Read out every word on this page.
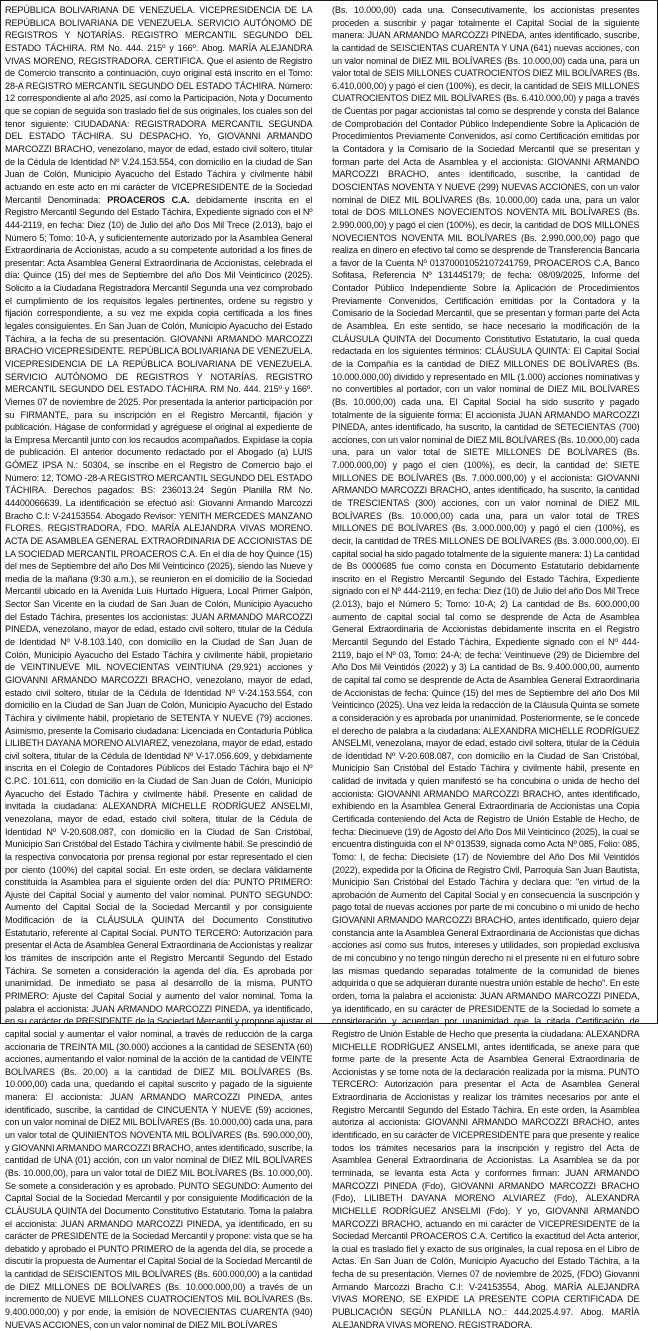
REPÚBLICA BOLIVARIANA DE VENEZUELA. VICEPRESIDENCIA DE LA REPÚBLICA BOLIVARIANA DE VENEZUELA. SERVICIO AUTÓNOMO DE REGISTROS Y NOTARÍAS. REGISTRO MERCANTIL SEGUNDO DEL ESTADO TÁCHIRA. RM No. 444. 215º y 166º. Abog. MARÍA ALEJANDRA VIVAS MORENO, REGISTRADORA. CERTIFICA. Que el asiento de Registro de Comercio transcrito a continuación, cuyo original está inscrito en el Tomo: 28-A REGISTRO MERCANTIL SEGUNDO DEL ESTADO TÁCHIRA. Número: 12 correspondiente al año 2025, así como la Participación, Nota y Documento que se copian de seguida son traslado fiel de sus originales, los cuales son del tenor siguiente: CIUDADANA: REGISTRADORA MERCANTIL SEGUNDA DEL ESTADO TÁCHIRA. SU DESPACHO. Yo, GIOVANNI ARMANDO MARCOZZI BRACHO, venezolano, mayor de edad, estado civil soltero, titular de la Cédula de Identidad Nº V.24.153.554, con domicilio en la ciudad de San Juan de Colón, Municipio Ayacucho del Estado Táchira y civilmente hábil actuando en este acto en mi carácter de VICEPRESIDENTE de la Sociedad Mercantil Denominada: PROACEROS C.A. debidamente inscrita en el Registro Mercantil Segundo del Estado Táchira, Expediente signado con el Nº 444-2119, en fecha: Diez (10) de Julio del año Dos Mil Trece (2.013), bajo el Número 5; Tomo: 10-A, y suficientemente autorizado por la Asamblea General Extraordinaria de Accionistas, acudo a su competente autoridad a los fines de presentar: Acta Asamblea General Extraordinaria de Accionistas, celebrada el día: Quince (15) del mes de Septiembre del año Dos Mil Veinticinco (2025). Solicito a la Ciudadana Registradora Mercantil Segunda una vez comprobado el cumplimiento de los requisitos legales pertinentes, ordene su registro y fijación correspondiente, a su vez me expida copia certificada a los fines legales consiguientes. En San Juan de Colón, Municipio Ayacucho del Estado Táchira, a la fecha de su presentación. GIOVANNI ARMANDO MARCOZZI BRACHO VICEPRESIDENTE. REPÚBLICA BOLIVARIANA DE VENEZUELA. VICEPRESIDENCIA DE LA REPÚBLICA BOLIVARIANA DE VENEZUELA. SERVICIO AUTÓNOMO DE REGISTROS Y NOTARÍAS. REGISTRO MERCANTIL SEGUNDO DEL ESTADO TÁCHIRA. RM No. 444. 215º y 166º. Viernes 07 de noviembre de 2025. Por presentada la anterior participación por su FIRMANTE, para su inscripción en el Registro Mercantil, fijación y publicación. Hágase de conformidad y agréguese el original al expediente de la Empresa Mercantil junto con los recaudos acompañados. Expídase la copia de publicación. El anterior documento redactado por el Abogado (a) LUIS GÓMEZ IPSA N.: 50304, se inscribe en el Registro de Comercio bajo el Número: 12, TOMO -28-A REGISTRO MERCANTIL SEGUNDO DEL ESTADO TÁCHIRA. Derechos pagados: BS: 236013.24 Según Planilla RM No. 44400066639. La identificación se efectuó así: Giovanni Armando Marcozzi Bracho C.I: V-24153554. Abogado Revisor: YENITH MERCEDES MANZANO FLORES. REGISTRADORA, FDO. MARÍA ALEJANDRA VIVAS MORENO. ACTA DE ASAMBLEA GENERAL EXTRAORDINARIA DE ACCIONISTAS DE LA SOCIEDAD MERCANTIL PROACEROS C.A. En el día de hoy Quince (15) del mes de Septiembre del año Dos Mil Veinticinco (2025), siendo las Nueve y media de la mañana (9:30 a.m.), se reunieron en el domicilio de la Sociedad Mercantil ubicado en la Avenida Luis Hurtado Higuera, Local Primer Galpón, Sector San Vicente en la ciudad de San Juan de Colón, Municipio Ayacucho del Estado Táchira, presentes los accionistas: JUAN ARMANDO MARCOZZI PINEDA, venezolano, mayor de edad, estado civil soltero, titular de la Cédula de Identidad Nº V-8.103.140, con domicilio en la Ciudad de San Juan de Colón, Municipio Ayacucho del Estado Táchira y civilmente hábil, propietario de VEINTINUEVE MIL NOVECIENTAS VEINTIUNA (29.921) acciones y GIOVANNI ARMANDO MARCOZZI BRACHO, venezolano, mayor de edad, estado civil soltero, titular de la Cédula de Identidad Nº V-24.153.554, con domicilio en la Ciudad de San Juan de Colón, Municipio Ayacucho del Estado Táchira y civilmente hábil, propietario de SETENTA Y NUEVE (79) acciones. Asimismo, presente la Comisario ciudadana: Licenciada en Contaduría Pública LILIBETH DAYANA MORENO ALVIAREZ, venezolana, mayor de edad, estado civil soltera, titular de la Cédula de Identidad Nº V-17.056.609, y debidamente inscrita en el Colegio de Contadores Públicos del Estado Táchira bajo el Nº C.P.C. 101.611, con domicilio en la Ciudad de San Juan de Colón, Municipio Ayacucho del Estado Táchira y civilmente hábil. Presente en calidad de invitada la ciudadana: ALEXANDRA MICHELLE RODRÍGUEZ ANSELMI, venezolana, mayor de edad, estado civil soltera, titular de la Cédula de Identidad Nº V-20.608.087, con domicilio en la Ciudad de San Cristóbal, Municipio San Cristóbal del Estado Táchira y civilmente hábil. Se prescindió de la respectiva convocatoria por prensa regional por estar representado el cien por ciento (100%) del capital social. En este orden, se declara válidamente constituida la Asamblea para el siguiente orden del día: PUNTO PRIMERO: Ajuste del Capital Social y aumento del valor nominal. PUNTO SEGUNDO: Aumento del Capital Social de la Sociedad Mercantil y por consiguiente Modificación de la CLÁUSULA QUINTA del Documento Constitutivo Estatutario, referente al Capital Social. PUNTO TERCERO: Autorización para presentar el Acta de Asamblea General Extraordinaria de Accionistas y realizar los trámites de inscripción ante el Registro Mercantil Segundo del Estado Táchira. Se someten a consideración la agenda del día. Es aprobada por unanimidad. De inmediato se pasa al desarrollo de la misma. PUNTO PRIMERO: Ajuste del Capital Social y aumento del valor nominal. Toma la palabra el accionista: JUAN ARMANDO MARCOZZI PINEDA, ya identificado, en su carácter de PRESIDENTE de la Sociedad Mercantil y propone ajustar el capital social y aumentar el valor nominal, a través de reducción de la carga accionaria de TREINTA MIL (30.000) acciones a la cantidad de SESENTA (60) acciones, aumentando el valor nominal de la acción de la cantidad de VEINTE BOLÍVARES (Bs. 20,00) a la cantidad de DIEZ MIL BOLÍVARES (Bs. 10.000,00) cada una, quedando el capital suscrito y pagado de la siguiente manera: El accionista: JUAN ARMANDO MARCOZZI PINEDA, antes identificado, suscribe, la cantidad de CINCUENTA Y NUEVE (59) acciones, con un valor nominal de DIEZ MIL BOLÍVARES (Bs. 10.000,00) cada una, para un valor total de QUINIENTOS NOVENTA MIL BOLÍVARES (Bs. 590.000,00), y GIOVANNI ARMANDO MARCOZZI BRACHO, antes identificado, suscribe, la cantidad de UNA (01) acción, con un valor nominal de DIEZ MIL BOLÍVARES (Bs. 10.000,00), para un valor total de DIEZ MIL BOLÍVARES (Bs. 10.000,00). Se somete a consideración y es aprobado. PUNTO SEGUNDO: Aumento del Capital Social de la Sociedad Mercantil y por consiguiente Modificación de la CLÁUSULA QUINTA del Documento Constitutivo Estatutario. Toma la palabra el accionista: JUAN ARMANDO MARCOZZI PINEDA, ya identificado, en su carácter de PRESIDENTE de la Sociedad Mercantil y propone: vista que se ha debatido y aprobado el PUNTO PRIMERO de la agenda del día, se procede a discutir la propuesta de Aumentar el Capital Social de la Sociedad Mercantil de la cantidad de SEISCIENTOS MIL BOLÍVARES (Bs. 600.000,00) a la cantidad de DIEZ MILLONES DE BOLÍVARES (Bs. 10.000.000,00) a través de un incremento de NUEVE MILLONES CUATROCIENTOS MIL BOLÍVARES (Bs. 9.400.000,00) y por ende, la emisión de NOVECIENTAS CUARENTA (940) NUEVAS ACCIONES, con un valor nominal de DIEZ MIL BOLÍVARES

(Bs. 10.000,00) cada una. Consecutivamente, los accionistas presentes proceden a suscribir y pagar totalmente el Capital Social de la siguiente manera: JUAN ARMANDO MARCOZZI PINEDA, antes identificado, suscribe, la cantidad de SEISCIENTAS CUARENTA Y UNA (641) nuevas acciones, con un valor nominal de DIEZ MIL BOLÍVARES (Bs. 10.000,00) cada una, para un valor total de SEIS MILLONES CUATROCIENTOS DIEZ MIL BOLÍVARES (Bs. 6.410.000,00) y pagó el cien (100%), es decir, la cantidad de SEIS MILLONES CUATROCIENTOS DIEZ MIL BOLÍVARES (Bs. 6.410.000,00) y paga a través de Cuentas por pagar accionistas tal como se desprende y consta del Balance de Comprobación del Contador Público Independiente Sobre la Aplicación de Procedimientos Previamente Convenidos, así como Certificación emitidas por la Contadora y la Comisario de la Sociedad Mercantil que se presentan y forman parte del Acta de Asamblea y el accionista: GIOVANNI ARMANDO MARCOZZI BRACHO, antes identificado, suscribe, la cantidad de DOSCIENTAS NOVENTA Y NUEVE (299) NUEVAS ACCIONES, con un valor nominal de DIEZ MIL BOLÍVARES (Bs. 10.000,00) cada una, para un valor total de DOS MILLONES NOVECIENTOS NOVENTA MIL BOLÍVARES (Bs. 2.990.000,00) y pagó el cien (100%), es decir, la cantidad de DOS MILLONES NOVECIENTOS NOVENTA MIL BOLÍVARES (Bs. 2.990.000,00) pago que realiza en dinero en efectivo tal como se desprende de Transferencia Bancaria a favor de la Cuenta Nº 01370001052107241759, PROACEROS C.A, Banco Sofitasa, Referencia Nº 131445179; de fecha: 08/09/2025, Informe del Contador Público Independiente Sobre la Aplicación de Procedimientos Previamente Convenidos, Certificación emitidas por la Contadora y la Comisario de la Sociedad Mercantil, que se presentan y forman parte del Acta de Asamblea. En este sentido, se hace necesario la modificación de la CLÁUSULA QUINTA del Documento Constitutivo Estatutario, la cual queda redactada en los siguientes términos: CLÁUSULA QUINTA: El Capital Social de la Compañía es la cantidad de DIEZ MILLONES DE BOLÍVARES (Bs. 10.000.000,00) dividido y representado en MIL (1.000) acciones nominativas y no convertibles al portador, con un valor nominal de DIEZ MIL BOLÍVARES (Bs. 10.000,00) cada una. El Capital Social ha sido suscrito y pagado totalmente de la siguiente forma: El accionista JUAN ARMANDO MARCOZZI PINEDA, antes identificado, ha suscrito, la cantidad de SETECIENTAS (700) acciones, con un valor nominal de DIEZ MIL BOLÍVARES (Bs. 10.000,00) cada una, para un valor total de SIETE MILLONES DE BOLÍVARES (Bs. 7.000.000,00) y pagó el cien (100%), es decir, la cantidad de: SIETE MILLONES DE BOLÍVARES (Bs. 7.000.000,00) y el accionista: GIOVANNI ARMANDO MARCOZZI BRACHO, antes identificado, ha suscrito, la cantidad de TRESCIENTAS (300) acciones, con un valor nominal de DIEZ MIL BOLÍVARES (Bs. 10.000,00) cada una, para un valor total de TRES MILLONES DE BOLÍVARES (Bs. 3.000.000,00) y pagó el cien (100%), es decir, la cantidad de TRES MILLONES DE BOLÍVARES (Bs. 3.000.000,00). El capital social ha sido pagado totalmente de la siguiente manera: 1) La cantidad de Bs 0000685 fue como consta en Documento Estatutario debidamente inscrito en el Registro Mercantil Segundo del Estado Táchira, Expediente signado con el Nº 444-2119, en fecha: Diez (10) de Julio del año Dos Mil Trece (2.013), bajo el Número 5; Tomo: 10-A; 2) La cantidad de Bs. 600.000,00 aumento de capital social tal como se desprende de Acta de Asamblea General Extraordinaria de Accionistas debidamente inscrita en el Registro Mercantil Segundo del Estado Táchira, Expediente signado con el Nº 444-2119, bajo el Nº 03, Tomo: 24-A; de fecha: Veintinueve (29) de Diciembre del Año Dos Mil Veintidós (2022) y 3) La cantidad de Bs. 9.400.000,00, aumento de capital tal como se desprende de Acta de Asamblea General Extraordinaria de Accionistas de fecha: Quince (15) del mes de Septiembre del año Dos Mil Veinticinco (2025). Una vez leída la redacción de la Cláusula Quinta se somete a consideración y es aprobada por unanimidad. Posteriormente, se le concede el derecho de palabra a la ciudadana: ALEXANDRA MICHELLE RODRÍGUEZ ANSELMI, venezolana, mayor de edad, estado civil soltera, titular de la Cédula de Identidad Nº V-20.608.087, con domicilio en la Ciudad de San Cristóbal, Municipio San Cristóbal del Estado Táchira y civilmente hábil, presente en calidad de invitada y quien manifestó se ha concubina o unida de hecho del accionista: GIOVANNI ARMANDO MARCOZZI BRACHO, antes identificado, exhibiendo en la Asamblea General Extraordinaria de Accionistas una Copia Certificada conteniendo del Acta de Registro de Unión Estable de Hecho, de fecha: Diecinueve (19) de Agosto del Año Dos Mil Veinticinco (2025), la cual se encuentra distinguida con el Nº 013539, signada como Acta Nº 085, Folio: 085, Tomo: I, de fecha: Diecisiete (17) de Noviembre del Año Dos Mil Veintidós (2022), expedida por la Oficina de Registro Civil, Parroquia San Juan Bautista, Municipio San Cristóbal del Estado Táchira y declara que: "en virtud de la aprobación de Aumento del Capital Social y en consecuencia la suscripción y pago total de nuevas acciones por parte de mi concubino o mi unido de hecho GIOVANNI ARMANDO MARCOZZI BRACHO, antes identificado, quiero dejar constancia ante la Asamblea General Extraordinaria de Accionistas que dichas acciones así como sus frutos, intereses y utilidades, son propiedad exclusiva de mi concubino y no tengo ningún derecho ni el presente ni en el futuro sobre las mismas quedando separadas totalmente de la comunidad de bienes adquirida o que se adquieran durante nuestra unión estable de hecho". En este orden, toma la palabra el accionista: JUAN ARMANDO MARCOZZI PINEDA, ya identificado, en su carácter de PRESIDENTE de la Sociedad lo somete a consideración y acuerdan por unanimidad que la citada Certificación de Registro de Unión Estable de Hecho que presenta la ciudadana: ALEXANDRA MICHELLE RODRÍGUEZ ANSELMI, antes identificada, se anexe para que forme parte de la presente Acta de Asamblea General Extraordinaria de Accionistas y se tome nota de la declaración realizada por la misma. PUNTO TERCERO: Autorización para presentar el Acta de Asamblea General Extraordinaria de Accionistas y realizar los trámites necesarios por ante el Registro Mercantil Segundo del Estado Táchira. En este orden, la Asamblea autoriza al accionista: GIOVANNI ARMANDO MARCOZZI BRACHO, antes identificado, en su carácter de VICEPRESIDENTE para que presente y realice todos los trámites necesarios para la inscripción y registro del Acta de Asamblea General Extraordinaria de Accionistas. La Asamblea se da por terminada, se levanta esta Acta y conformes firman: JUAN ARMANDO MARCOZZI PINEDA (Fdo), GIOVANNI ARMANDO MARCOZZI BRACHO (Fdo), LILIBETH DAYANA MORENO ALVIAREZ (Fdo), ALEXANDRA MICHELLE RODRÍGUEZ ANSELMI (Fdo). Y yo, GIOVANNI ARMANDO MARCOZZI BRACHO, actuando en mi carácter de VICEPRESIDENTE de la Sociedad Mercantil PROACEROS C.A. Certifico la exactitud del Acta anterior, la cual es traslado fiel y exacto de sus originales, la cual reposa en el Libro de Actas. En San Juan de Colón, Municipio Ayacucho del Estado Táchira, a la fecha de su presentación. Viernes 07 de noviembre de 2025, (FDO) Giovanni Armando Marcozzi Bracho C.I: V-24153554, Abog. MARÍA ALEJANDRA VIVAS MORENO, SE EXPIDE LA PRESENTE COPIA CERTIFICADA DE PUBLICACIÓN SEGÚN PLANILLA NO.: 444.2025.4.97. Abog. MARÍA ALEJANDRA VIVAS MORENO. REGISTRADORA.
